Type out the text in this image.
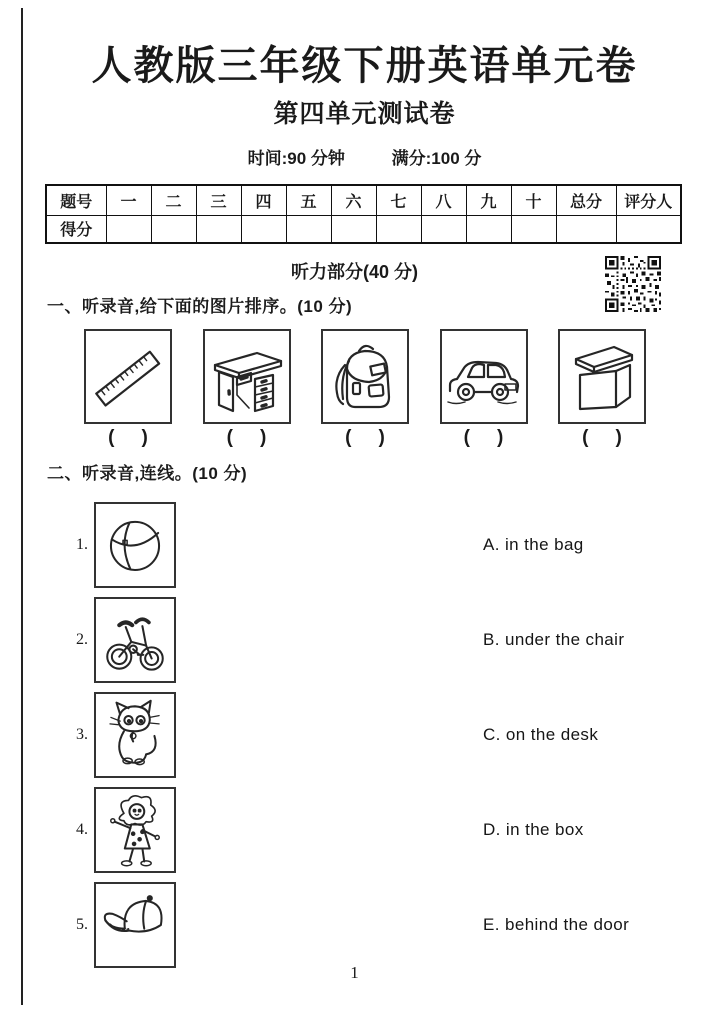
人教版三年级下册英语单元卷
第四单元测试卷
时间:90 分钟	满分:100 分
题号	一	二	三	四	五	六	七	八	九	十	总分	评分人
得分												
听力部分(40 分)
一、听录音,给下面的图片排序。(10 分)
( )	( )	( )	( )	( )
二、听录音,连线。(10 分)
1.	A. in the bag
2.	B. under the chair
3.	C. on the desk
4.	D. in the box
5.	E. behind the door
1
